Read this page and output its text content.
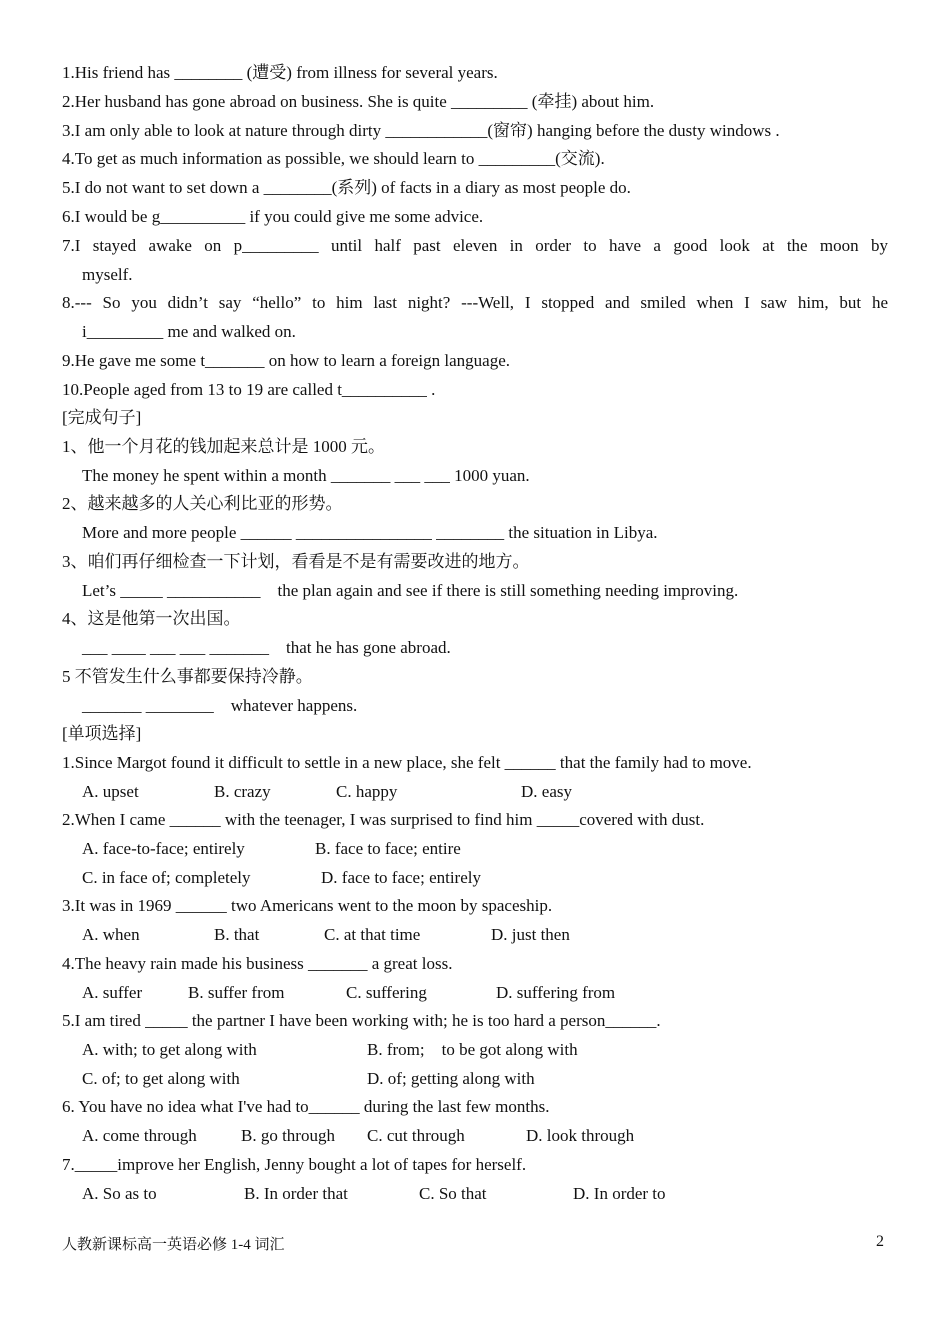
1.His friend has ________ (遭受) from illness for several years.
2.Her husband has gone abroad on business. She is quite _________ (牵挂) about him.
3.I am only able to look at nature through dirty ____________(窗帘) hanging before the dusty windows .
4.To get as much information as possible, we should learn to _________(交流).
5.I do not want to set down a ________(系列) of facts in a diary as most people do.
6.I would be g__________ if you could give me some advice.
7.I stayed awake on p_________ until half past eleven in order to have a good look at the moon by
myself.
8.--- So you didn’t say “hello” to him last night? ---Well, I stopped and smiled when I saw him, but he
i_________ me and walked on.
9.He gave me some t_______ on how to learn a foreign language.
10.People aged from 13 to 19 are called t__________ .
[完成句子]
1、他一个月花的钱加起来总计是 1000 元。
The money he spent within a month _______ ___ ___ 1000 yuan.
2、越来越多的人关心利比亚的形势。
More and more people ______ ________________ ________ the situation in Libya.
3、咱们再仔细检查一下计划，看看是不是有需要改进的地方。
Let’s _____ ___________    the plan again and see if there is still something needing improving.
4、这是他第一次出国。
___ ____ ___ ___ _______    that he has gone abroad.
5 不管发生什么事都要保持冷静。
_______ ________    whatever happens.
[单项选择]
1.Since Margot found it difficult to settle in a new place, she felt ______ that the family had to move.
A. upset	B. crazy	C. happy	D. easy
2.When I came ______ with the teenager, I was surprised to find him _____covered with dust.
A. face-to-face; entirely	B. face to face; entire
C. in face of; completely	D. face to face; entirely
3.It was in 1969 ______ two Americans went to the moon by spaceship.
A. when	B. that	C. at that time	D. just then
4.The heavy rain made his business _______ a great loss.
A. suffer	B. suffer from	C. suffering	D. suffering from
5.I am tired _____ the partner I have been working with; he is too hard a person______.
A. with; to get along with	B. from;    to be got along with
C. of; to get along with	D. of; getting along with
6. You have no idea what I've had to______ during the last few months.
A. come through	B. go through C. cut through	D. look through
7._____improve her English, Jenny bought a lot of tapes for herself.
A. So as to	B. In order that	C. So that	D. In order to
人教新课标高一英语必修 1-4 词汇	2
